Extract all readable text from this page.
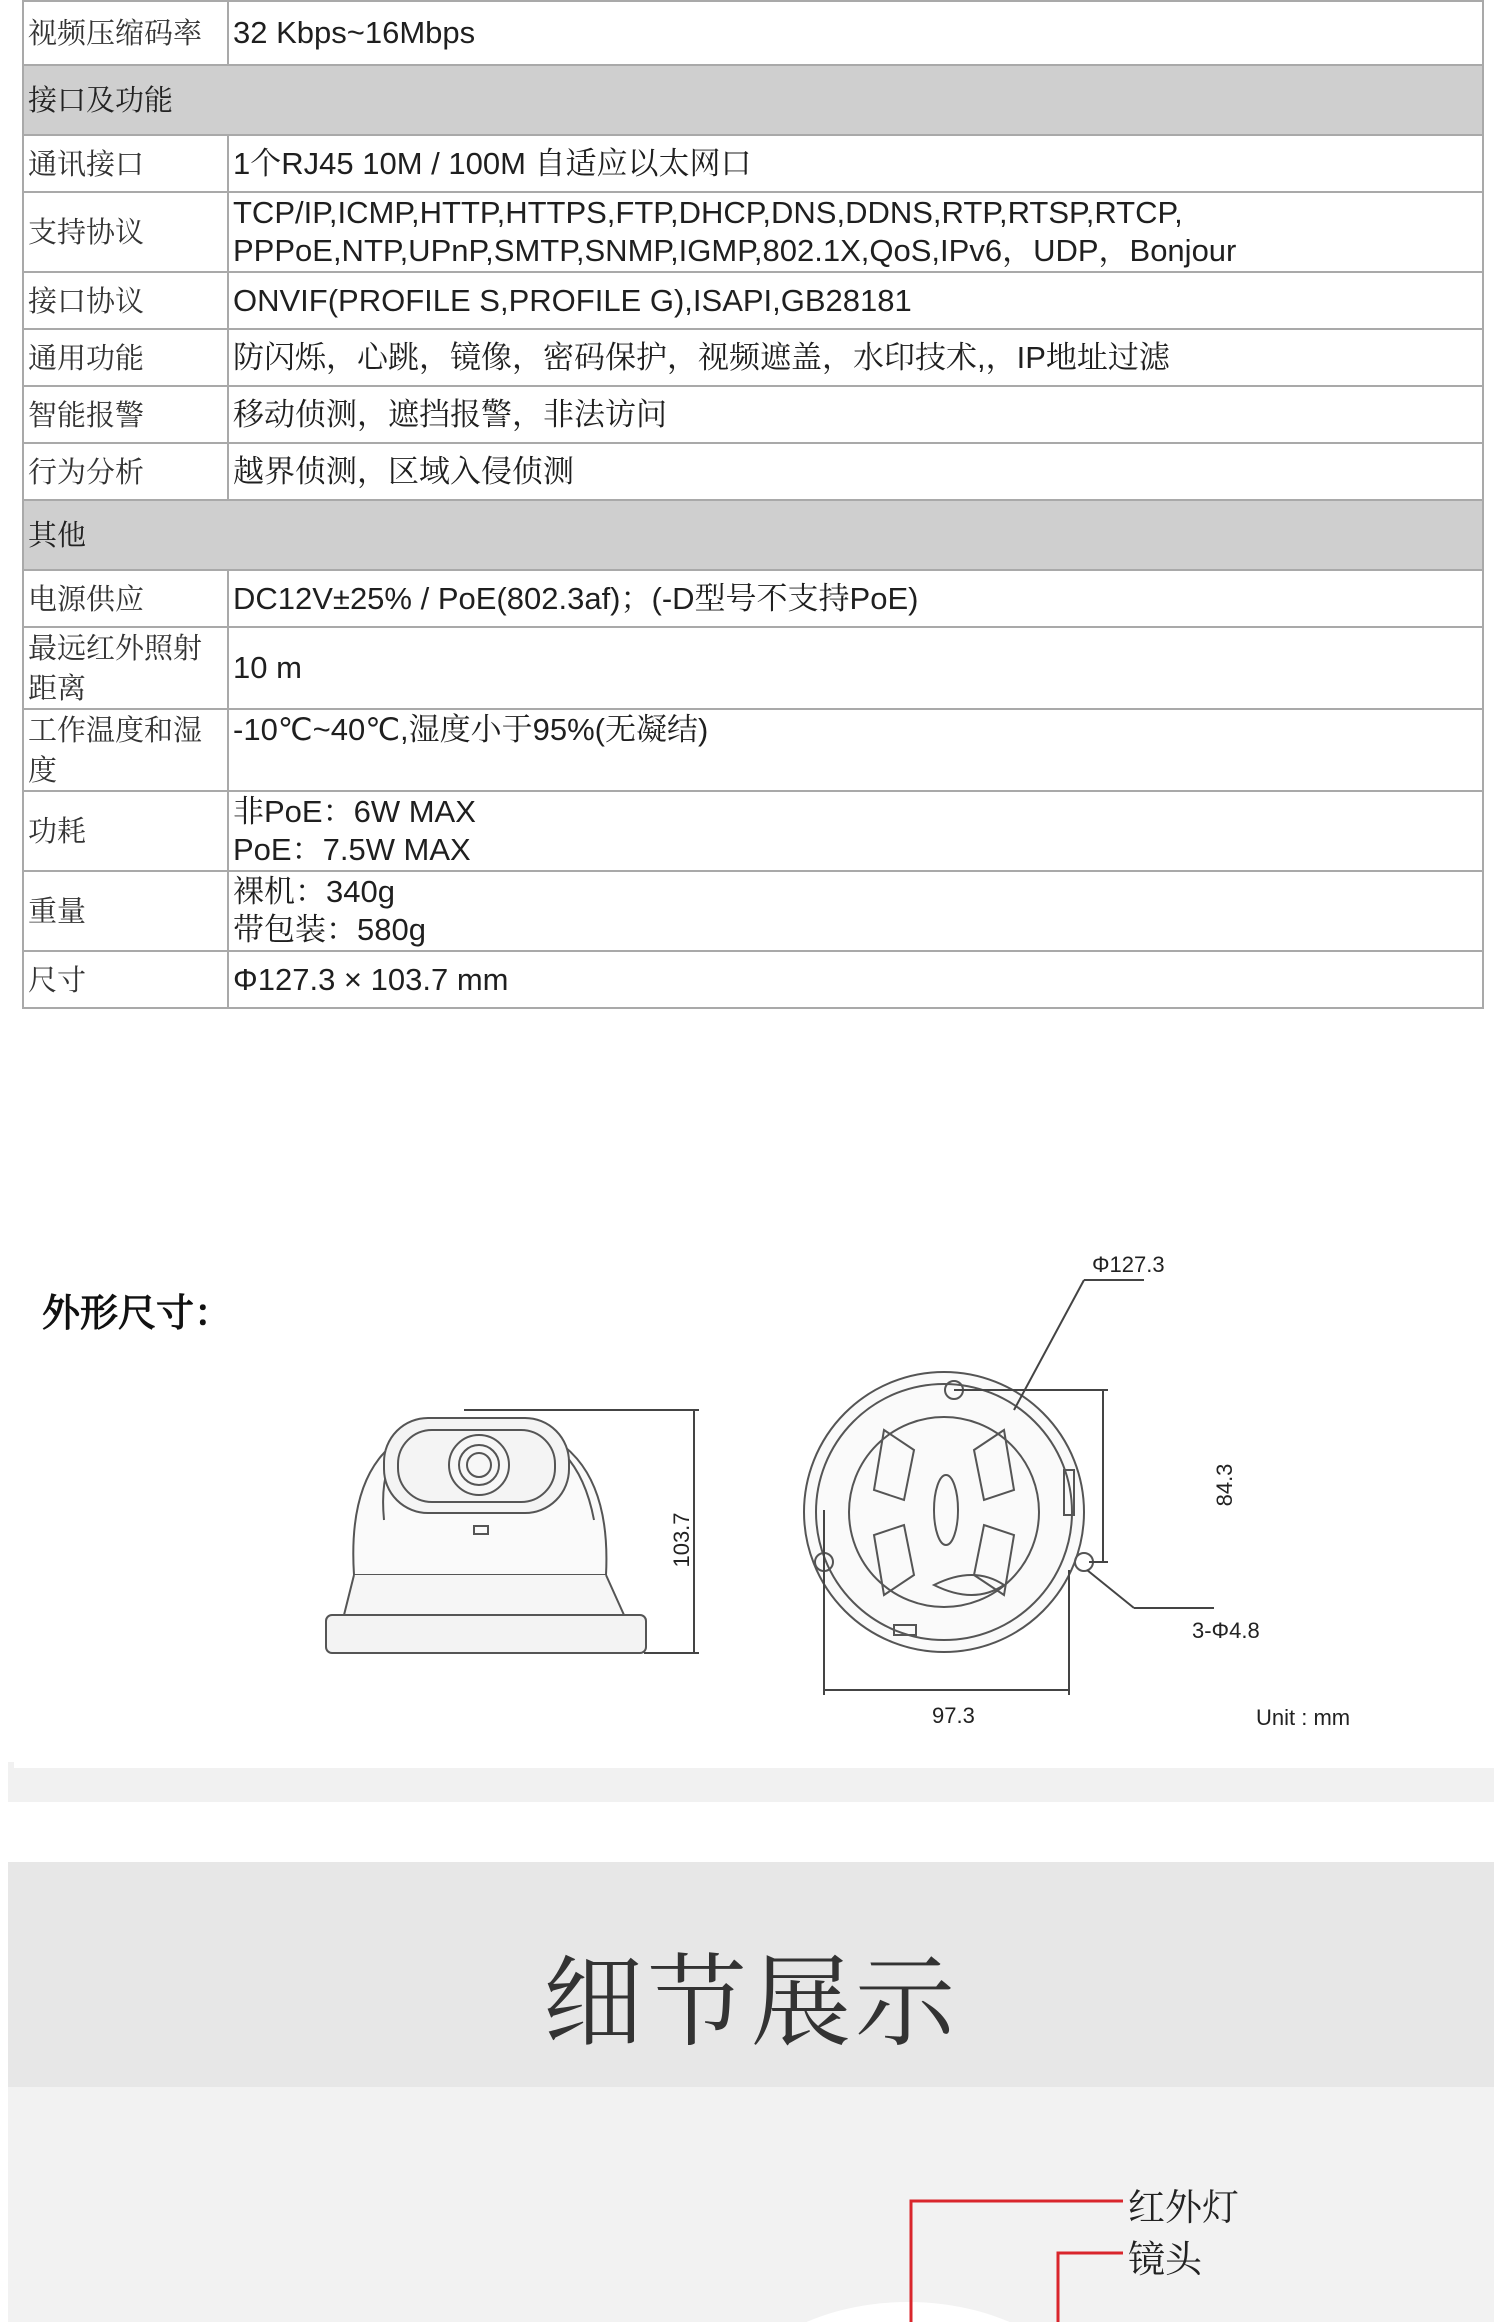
视频压缩码率	32 Kbps~16Mbps

接口及功能	
通讯接口	1个RJ45 10M / 100M 自适应以太网口

支持协议	TCP/IP,ICMP,HTTP,HTTPS,FTP,DHCP,DNS,DDNS,RTP,RTSP,RTCP,
PPPoE,NTP,UPnP,SMTP,SNMP,IGMP,802.1X,QoS,IPv6，UDP，Bonjour

接口协议	ONVIF(PROFILE S,PROFILE G),ISAPI,GB28181

通用功能	防闪烁，心跳，镜像，密码保护，视频遮盖，水印技术,，IP地址过滤

智能报警	移动侦测，遮挡报警，非法访问

行为分析	越界侦测，区域入侵侦测

其他	
电源供应	DC12V±25% / PoE(802.3af)；(-D型号不支持PoE)

最远红外照射距离	10 m

工作温度和湿度	-10℃~40℃,湿度小于95%(无凝结)

功耗	非PoE：6W MAX
PoE：7.5W MAX

重量	裸机：340g
带包装：580g

尺寸	Φ127.3 × 103.7 mm
外形尺寸：
103.7
Φ127.3
84.3
3-Φ4.8
97.3	Unit : mm
细节展示
红外灯
镜头
